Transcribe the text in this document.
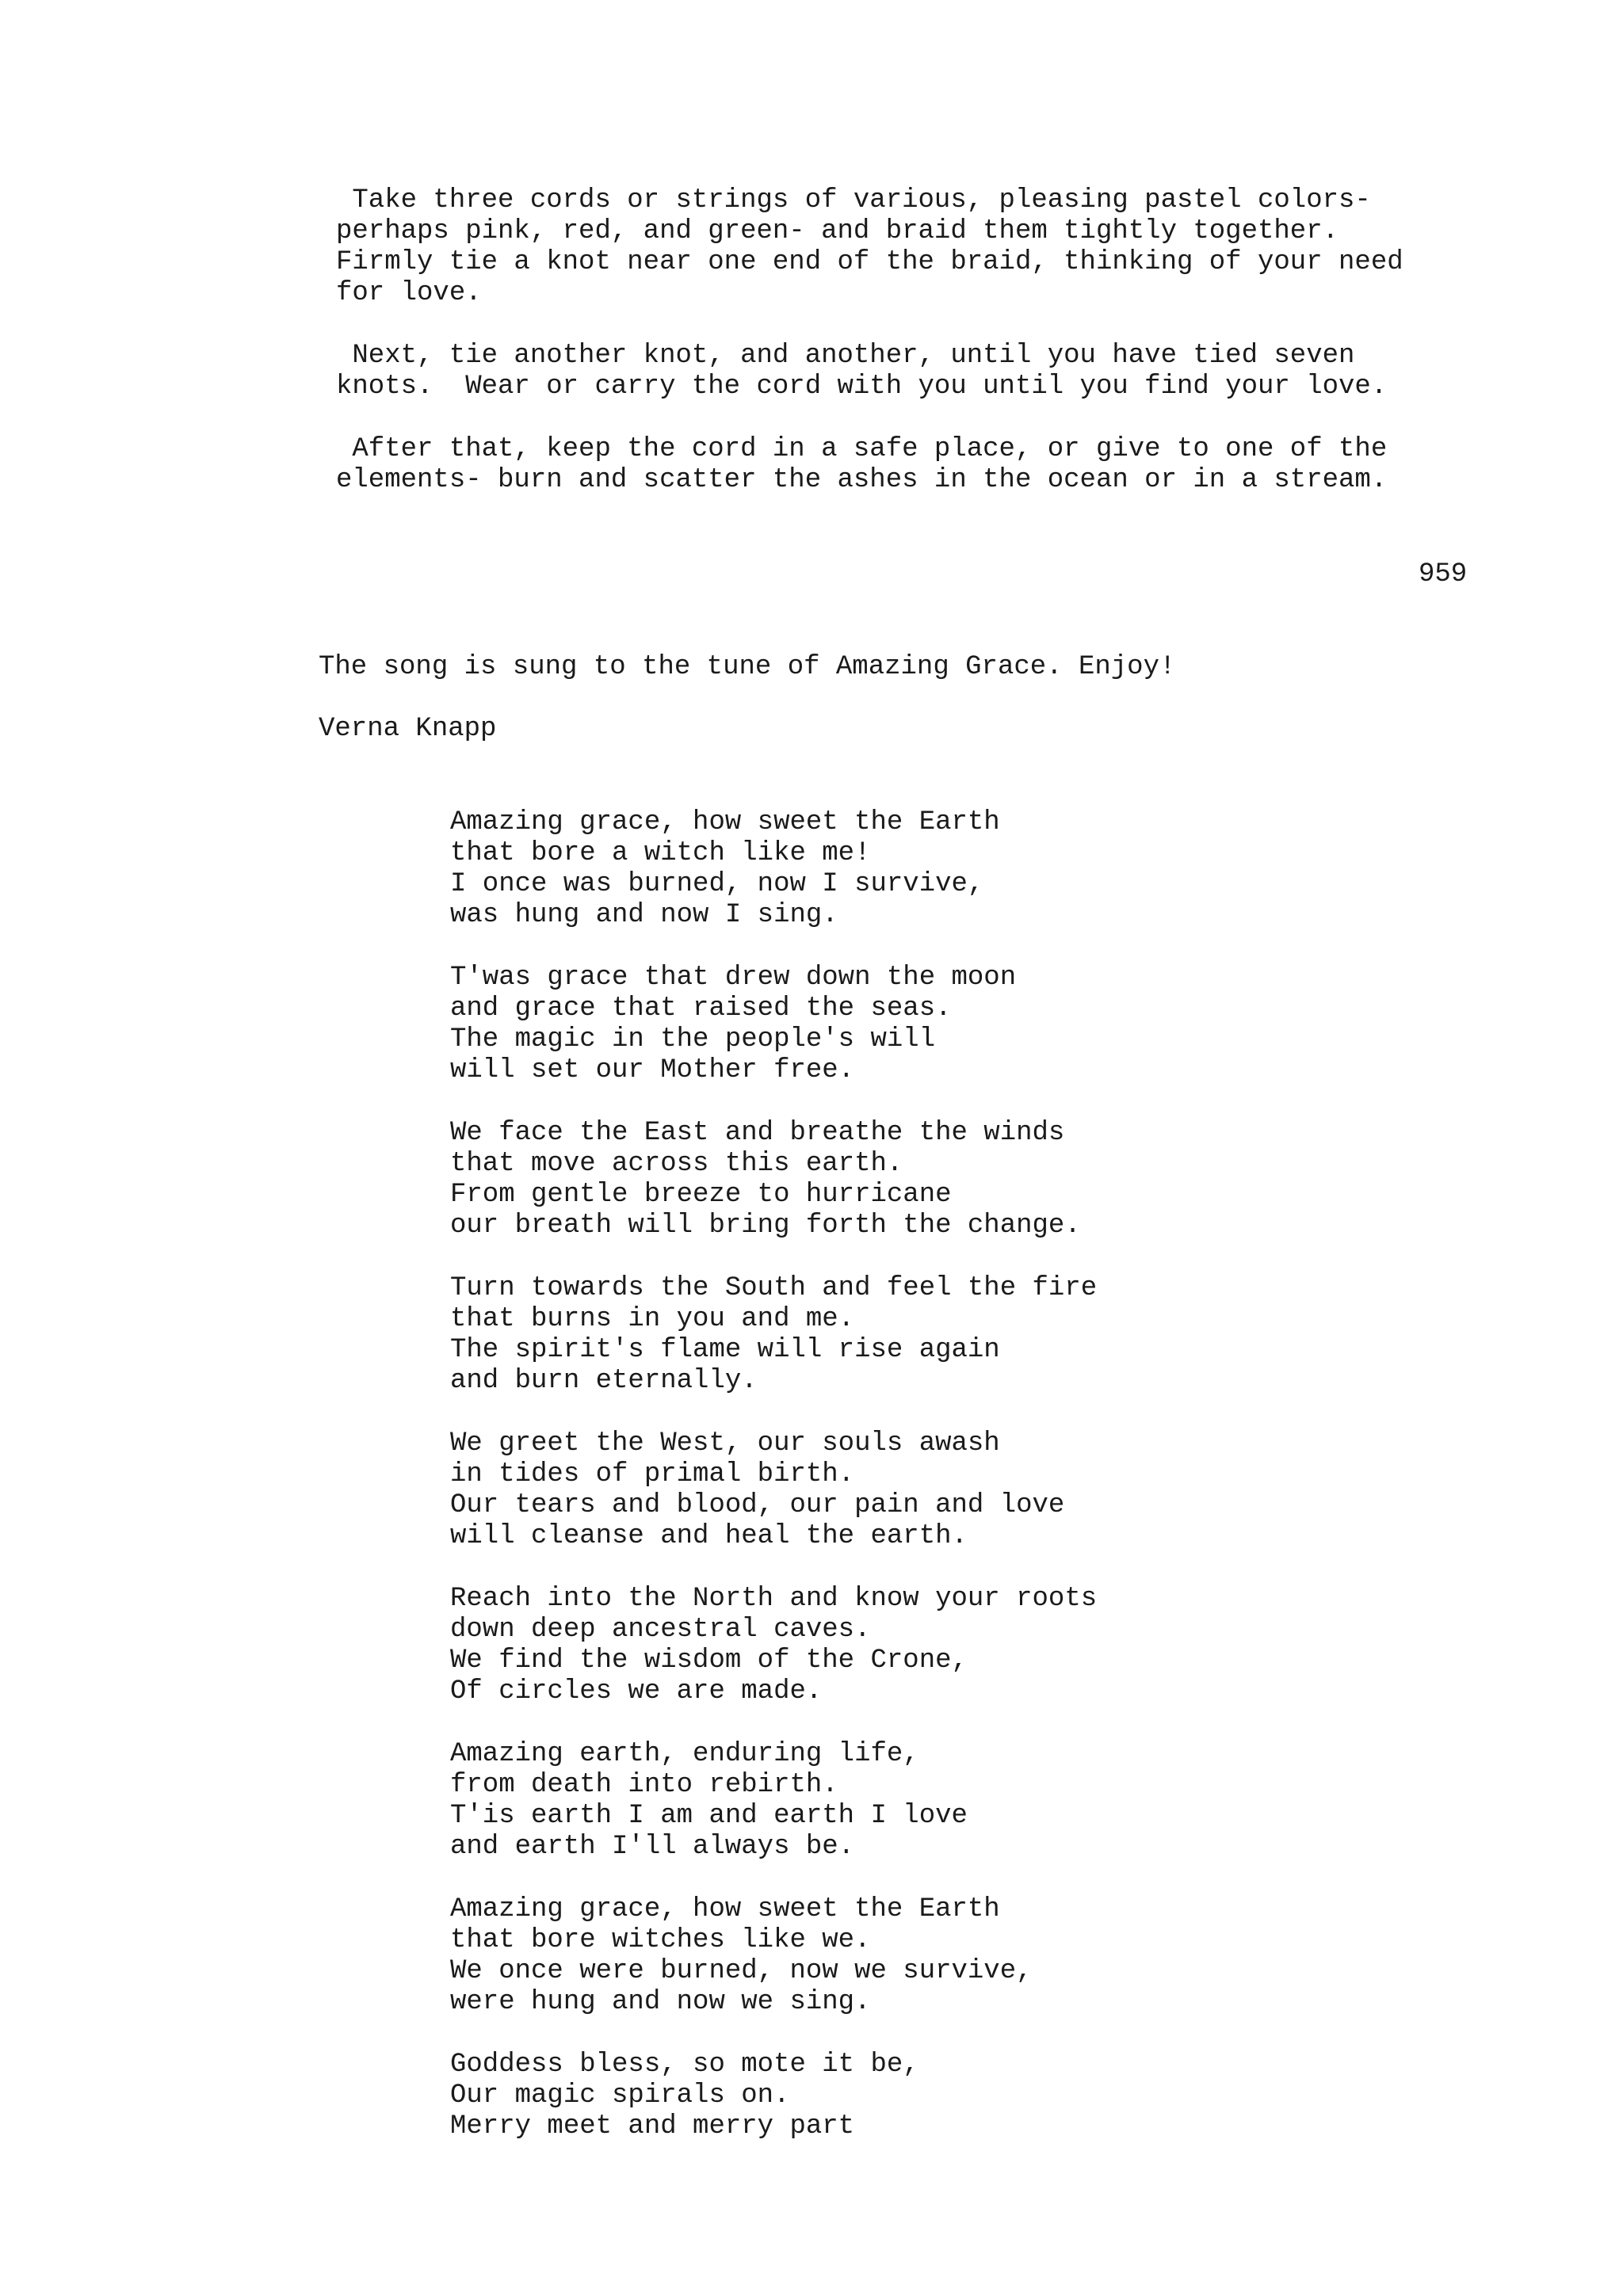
Take three cords or strings of various, pleasing pastel colors-
perhaps pink, red, and green- and braid them tightly together.
Firmly tie a knot near one end of the braid, thinking of your need
for love.
Next, tie another knot, and another, until you have tied seven
knots.  Wear or carry the cord with you until you find your love.
After that, keep the cord in a safe place, or give to one of the
elements- burn and scatter the ashes in the ocean or in a stream.

959

The song is sung to the tune of Amazing Grace. Enjoy!

Verna Knapp

Amazing grace, how sweet the Earth
that bore a witch like me!
I once was burned, now I survive,
was hung and now I sing.
T'was grace that drew down the moon
and grace that raised the seas.
The magic in the people's will
will set our Mother free.
We face the East and breathe the winds
that move across this earth.
From gentle breeze to hurricane
our breath will bring forth the change.
Turn towards the South and feel the fire
that burns in you and me.
The spirit's flame will rise again
and burn eternally.
We greet the West, our souls awash
in tides of primal birth.
Our tears and blood, our pain and love
will cleanse and heal the earth.
Reach into the North and know your roots
down deep ancestral caves.
We find the wisdom of the Crone,
Of circles we are made.
Amazing earth, enduring life,
from death into rebirth.
T'is earth I am and earth I love
and earth I'll always be.
Amazing grace, how sweet the Earth
that bore witches like we.
We once were burned, now we survive,
were hung and now we sing.
Goddess bless, so mote it be,
Our magic spirals on.
Merry meet and merry part
